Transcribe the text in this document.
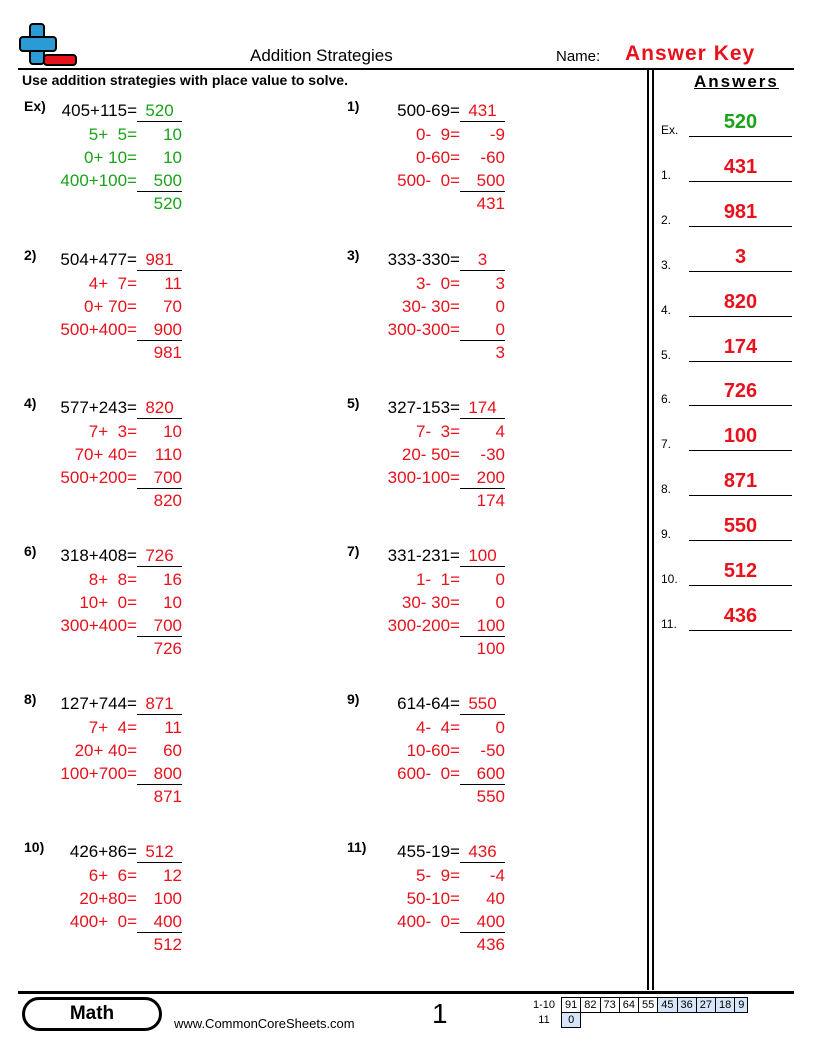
Addition Strategies	Name: Answer Key
Use addition strategies with place value to solve.	Answers
Ex) 405+115= 520
5+  5= 10
0+ 10= 10
400+100= 500
520
1)	500-69= 431
0-  9= -9
0-60= -60
500-  0= 500
431
2)	504+477= 981
4+  7= 11
0+ 70= 70
500+400= 900
981
3)	333-330= 3
3-  0= 3
30- 30= 0
300-300= 0
3
4)	577+243= 820
7+  3= 10
70+ 40= 110
500+200= 700
820
5)	327-153= 174
7-  3= 4
20- 50= -30
300-100= 200
174
6)	318+408= 726
8+  8= 16
10+  0= 10
300+400= 700
726
7)	331-231= 100
1-  1= 0
30- 30= 0
300-200= 100
100
8)	127+744= 871
7+  4= 11
20+ 40= 60
100+700= 800
871
9)	614-64= 550
4-  4= 0
10-60= -50
600-  0= 600
550
10)	426+86= 512
6+  6= 12
20+80= 100
400+  0= 400
512
11)	455-19= 436
5-  9= -4
50-10= 40
400-  0= 400
436
Ex.	520
1.	431
2.	981
3.	3
4.	820
5.	174
6.	726
7.	100
8.	871
9.	550
10.	512
11.	436
Math	www.CommonCoreSheets.com	1	1-10	91	82	73	64	55	45	36	27	18	9
11	0									
